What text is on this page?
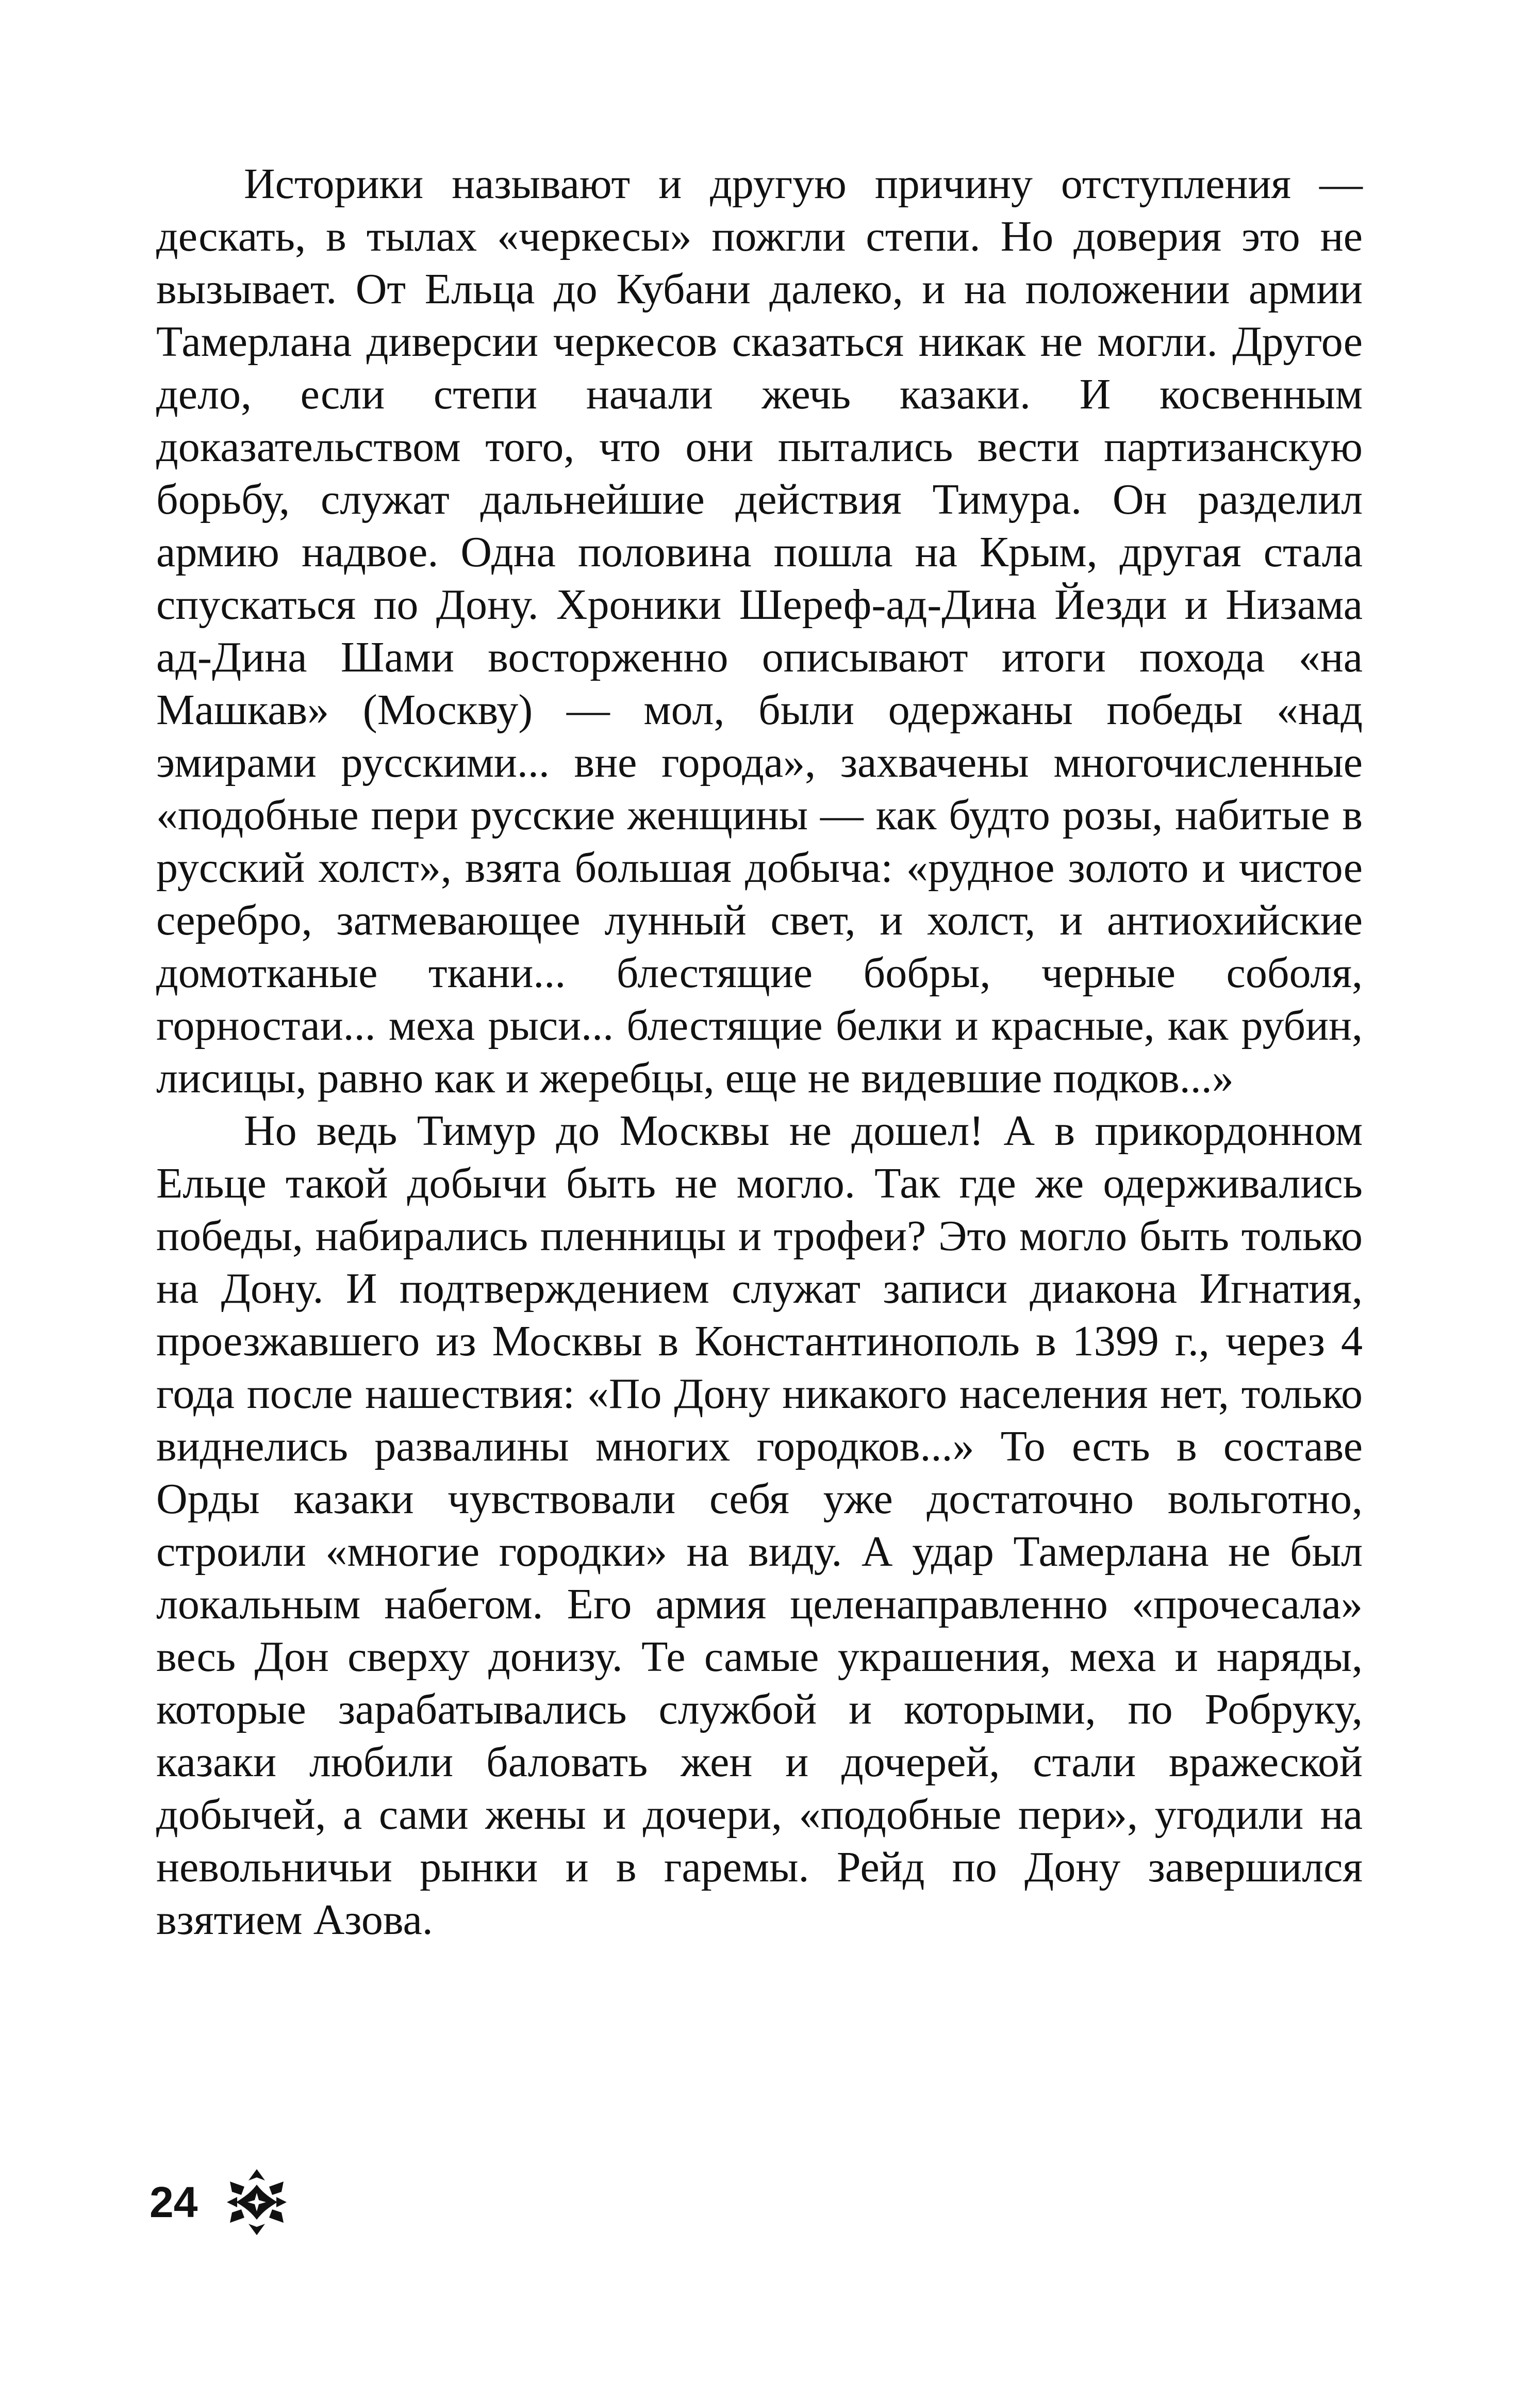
Историки называют и другую причину отступления — дескать, в тылах «черкесы» пожгли степи. Но доверия это не вызывает. От Ельца до Кубани далеко, и на положении армии Тамерлана диверсии черкесов сказаться никак не могли. Другое дело, если степи начали жечь казаки. И косвенным доказательством того, что они пытались вести партизанскую борьбу, служат дальнейшие действия Тимура. Он разделил армию надвое. Одна половина пошла на Крым, другая стала спускаться по Дону. Хроники Шереф-ад-Дина Йезди и Низама ад-Дина Шами восторженно описывают итоги похода «на Машкав» (Москву) — мол, были одержаны победы «над эмирами русскими... вне города», захвачены многочисленные «подобные пери русские женщины — как будто розы, набитые в русский холст», взята большая добыча: «рудное золото и чистое серебро, затмевающее лунный свет, и холст, и антиохийские домотканые ткани... блестящие бобры, черные соболя, горностаи... меха рыси... блестящие белки и красные, как рубин, лисицы, равно как и жеребцы, еще не видевшие подков...»

Но ведь Тимур до Москвы не дошел! А в прикордонном Ельце такой добычи быть не могло. Так где же одерживались победы, набирались пленницы и трофеи? Это могло быть только на Дону. И подтверждением служат записи диакона Игнатия, проезжавшего из Москвы в Константинополь в 1399 г., через 4 года после нашествия: «По Дону никакого населения нет, только виднелись развалины многих городков...» То есть в составе Орды казаки чувствовали себя уже достаточно вольготно, строили «многие городки» на виду. А удар Тамерлана не был локальным набегом. Его армия целенаправленно «прочесала» весь Дон сверху донизу. Те самые украшения, меха и наряды, которые зарабатывались службой и которыми, по Робруку, казаки любили баловать жен и дочерей, стали вражеской добычей, а сами жены и дочери, «подобные пери», угодили на невольничьи рынки и в гаремы. Рейд по Дону завершился взятием Азова.

24
